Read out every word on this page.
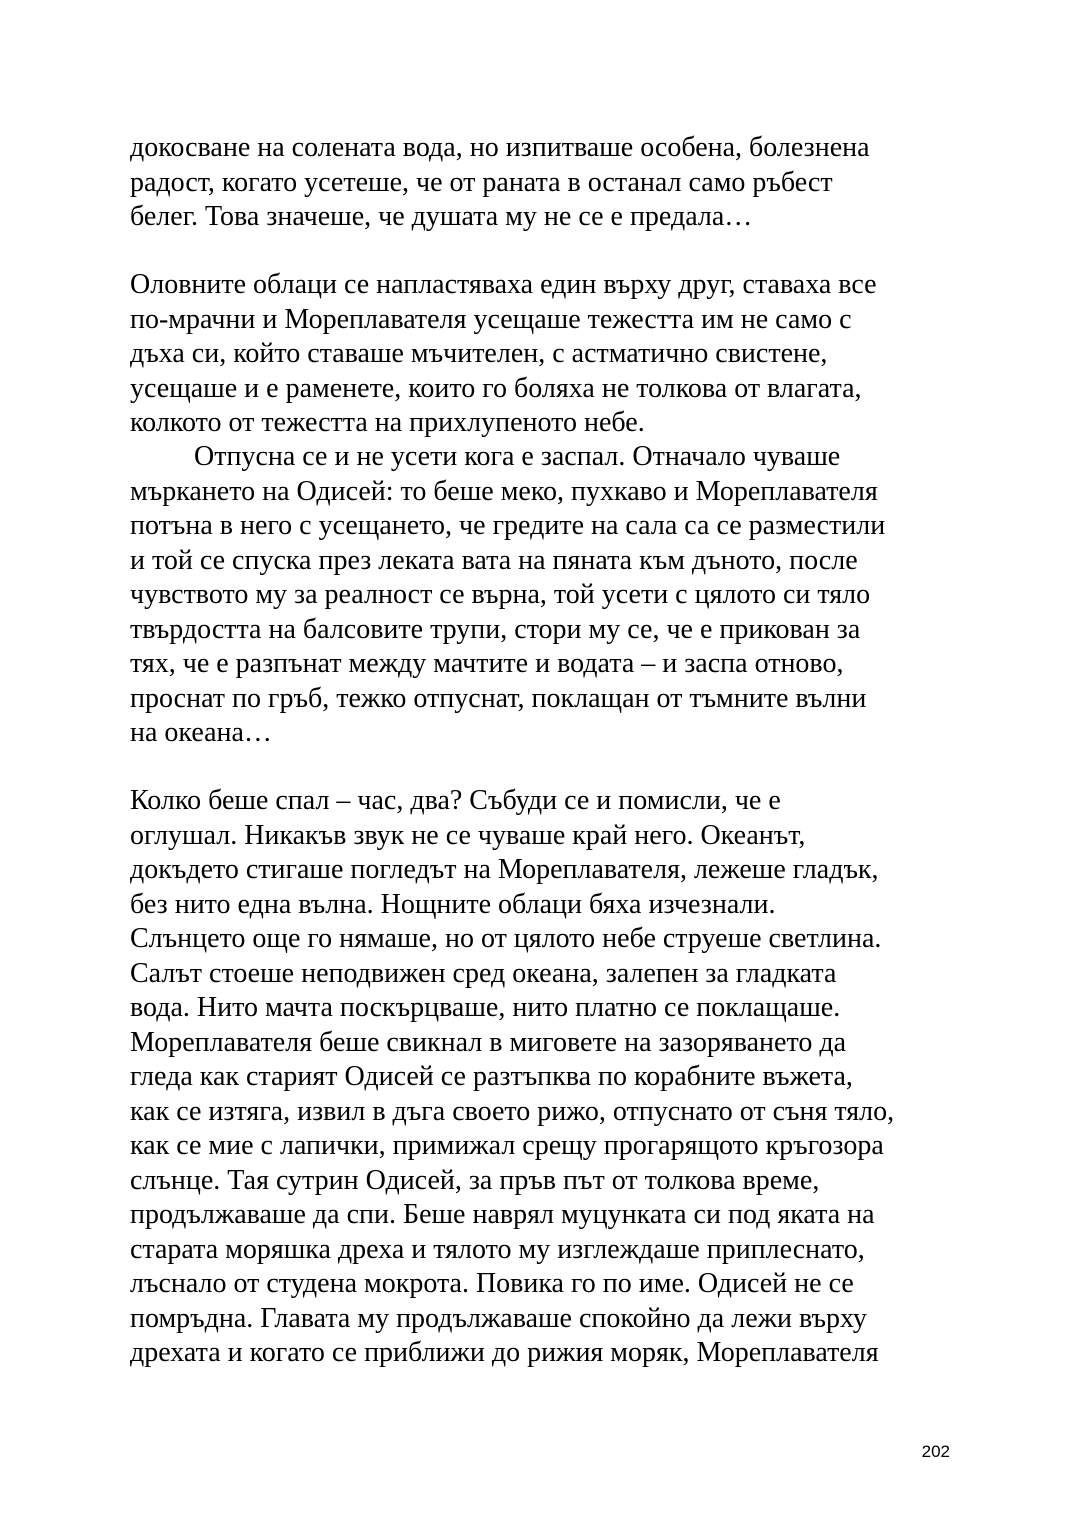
докосване на солената вода, но изпитваше особена, болезнена
радост, когато усетеше, че от раната в останал само ръбест
белег. Това значеше, че душата му не се е предала…
Оловните облаци се напластяваха един върху друг, ставаха все
по-мрачни и Мореплавателя усещаше тежестта им не само с
дъха си, който ставаше мъчителен, с астматично свистене,
усещаше и е раменете, които го боляха не толкова от влагата,
колкото от тежестта на прихлупеното небе.
Отпусна се и не усети кога е заспал. Отначало чуваше
мъркането на Одисей: то беше меко, пухкаво и Мореплавателя
потъна в него с усещането, че гредите на сала са се разместили
и той се спуска през леката вата на пяната към дъното, после
чувството му за реалност се върна, той усети с цялото си тяло
твърдостта на балсовите трупи, стори му се, че е прикован за
тях, че е разпънат между мачтите и водата – и заспа отново,
проснат по гръб, тежко отпуснат, поклащан от тъмните вълни
на океана…
Колко беше спал – час, два? Събуди се и помисли, че е
оглушал. Никакъв звук не се чуваше край него. Океанът,
докъдето стигаше погледът на Мореплавателя, лежеше гладък,
без нито една вълна. Нощните облаци бяха изчезнали.
Слънцето още го нямаше, но от цялото небе струеше светлина.
Салът стоеше неподвижен сред океана, залепен за гладката
вода. Нито мачта поскърцваше, нито платно се поклащаше.
Мореплавателя беше свикнал в миговете на зазоряването да
гледа как старият Одисей се разтъпква по корабните въжета,
как се изтяга, извил в дъга своето рижо, отпуснато от съня тяло,
как се мие с лапички, примижал срещу прогарящото кръгозора
слънце. Тая сутрин Одисей, за пръв път от толкова време,
продължаваше да спи. Беше наврял муцунката си под яката на
старата моряшка дреха и тялото му изглеждаше приплеснато,
лъснало от студена мокрота. Повика го по име. Одисей не се
помръдна. Главата му продължаваше спокойно да лежи върху
дрехата и когато се приближи до рижия моряк, Мореплавателя
202
